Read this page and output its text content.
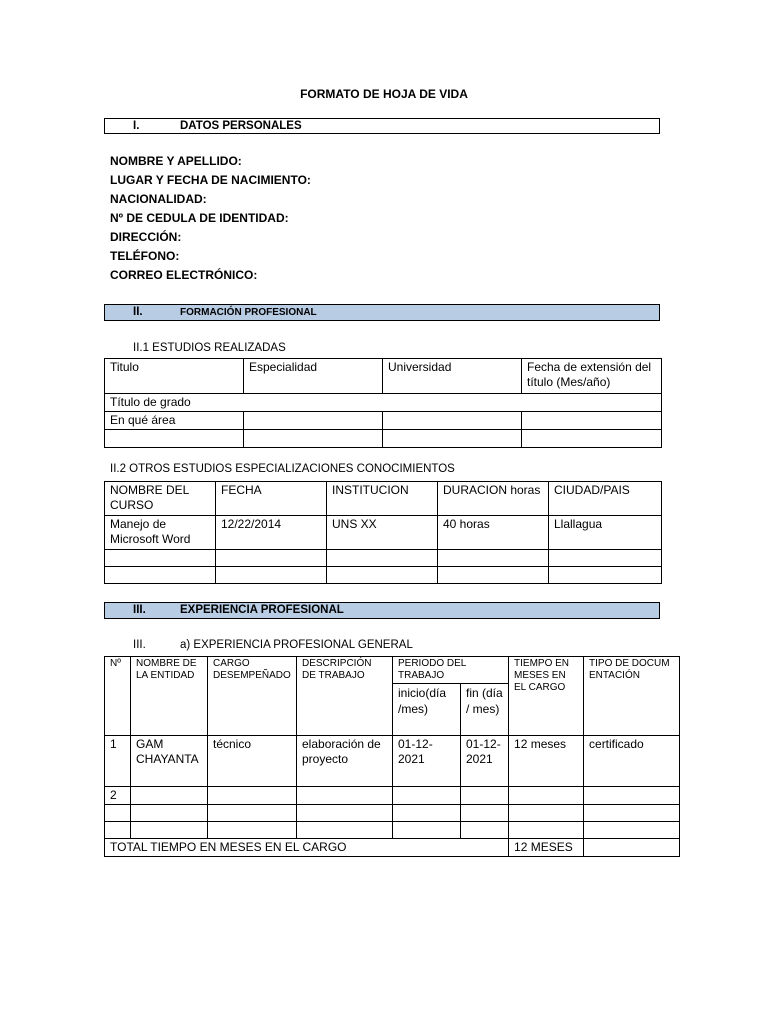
FORMATO DE HOJA DE VIDA
I.	DATOS PERSONALES
NOMBRE Y APELLIDO:
LUGAR Y FECHA DE NACIMIENTO:
NACIONALIDAD:
Nº DE CEDULA DE IDENTIDAD:
DIRECCIÓN:
TELÉFONO:
CORREO ELECTRÓNICO:
II.	FORMACIÓN PROFESIONAL
II.1 ESTUDIOS REALIZADAS
Titulo	Especialidad	Universidad	Fecha de extensión del título (Mes/año)
Título de grado			
En qué área			

II.2 OTROS ESTUDIOS ESPECIALIZACIONES CONOCIMIENTOS
NOMBRE DEL CURSO	FECHA	INSTITUCION	DURACION horas	CIUDAD/PAIS
Manejo de Microsoft Word	12/22/2014	UNS XX	40 horas	Llallagua

III.	EXPERIENCIA PROFESIONAL
III.	a) EXPERIENCIA PROFESIONAL GENERAL
Nº	NOMBRE DE LA ENTIDAD	CARGO DESEMPEÑADO	DESCRIPCIÓN DE TRABAJO	PERIODO DEL TRABAJO		TIEMPO EN MESES EN EL CARGO	TIPO DE DOCUMENTACIÓN
				inicio(día /mes)	fin (día / mes)		
1	GAM CHAYANTA	técnico	elaboración de proyecto	01-12-2021	01-12-2021	12 meses	certificado
2							

TOTAL TIEMPO EN MESES EN EL CARGO						12 MESES	
